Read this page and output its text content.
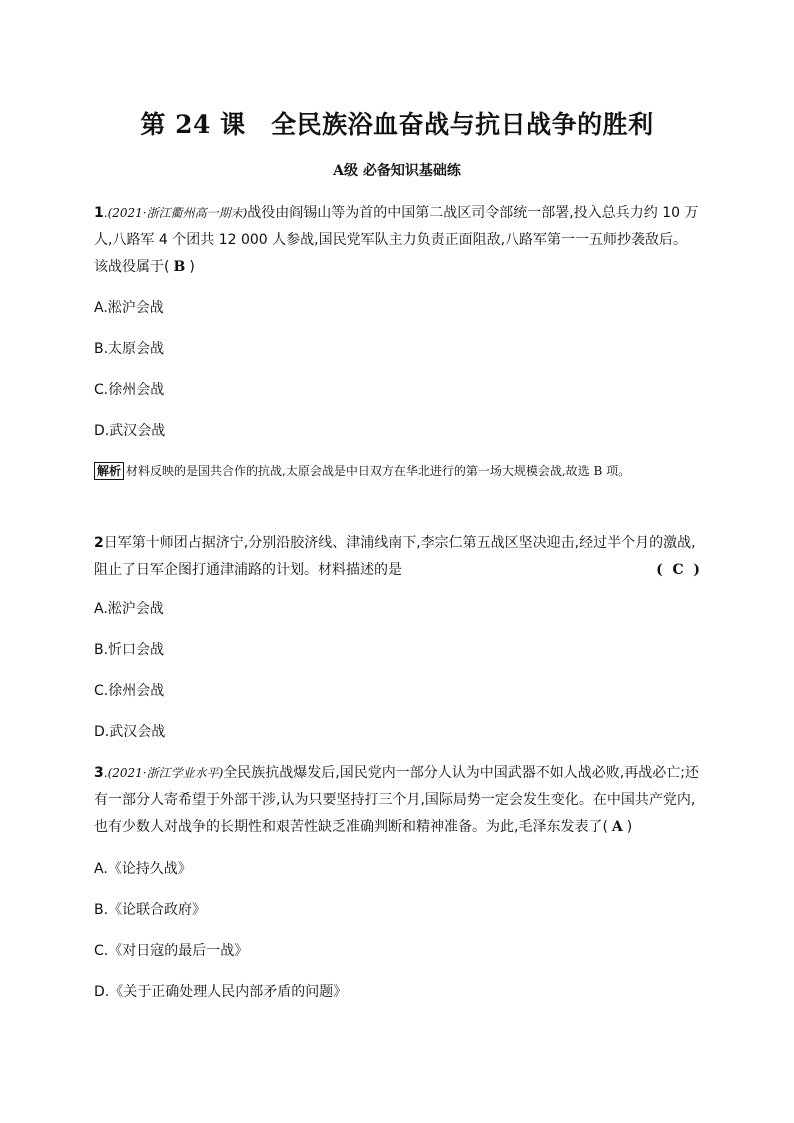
第 24 课　全民族浴血奋战与抗日战争的胜利
A级 必备知识基础练
1.(2021·浙江衢州高一期末)战役由阎锡山等为首的中国第二战区司令部统一部署,投入总兵力约 10 万人,八路军 4 个团共 12 000 人参战,国民党军队主力负责正面阻敌,八路军第一一五师抄袭敌后。该战役属于( B )
A.淞沪会战
B.太原会战
C.徐州会战
D.武汉会战
解析 材料反映的是国共合作的抗战,太原会战是中日双方在华北进行的第一场大规模会战,故选 B 项。
2日军第十师团占据济宁,分别沿胶济线、津浦线南下,李宗仁第五战区坚决迎击,经过半个月的激战,阻止了日军企图打通津浦路的计划。材料描述的是	(  C  )
A.淞沪会战
B.忻口会战
C.徐州会战
D.武汉会战
3.(2021·浙江学业水平)全民族抗战爆发后,国民党内一部分人认为中国武器不如人战必败,再战必亡;还有一部分人寄希望于外部干涉,认为只要坚持打三个月,国际局势一定会发生变化。在中国共产党内,也有少数人对战争的长期性和艰苦性缺乏准确判断和精神准备。为此,毛泽东发表了( A )
A.《论持久战》
B.《论联合政府》
C.《对日寇的最后一战》
D.《关于正确处理人民内部矛盾的问题》
